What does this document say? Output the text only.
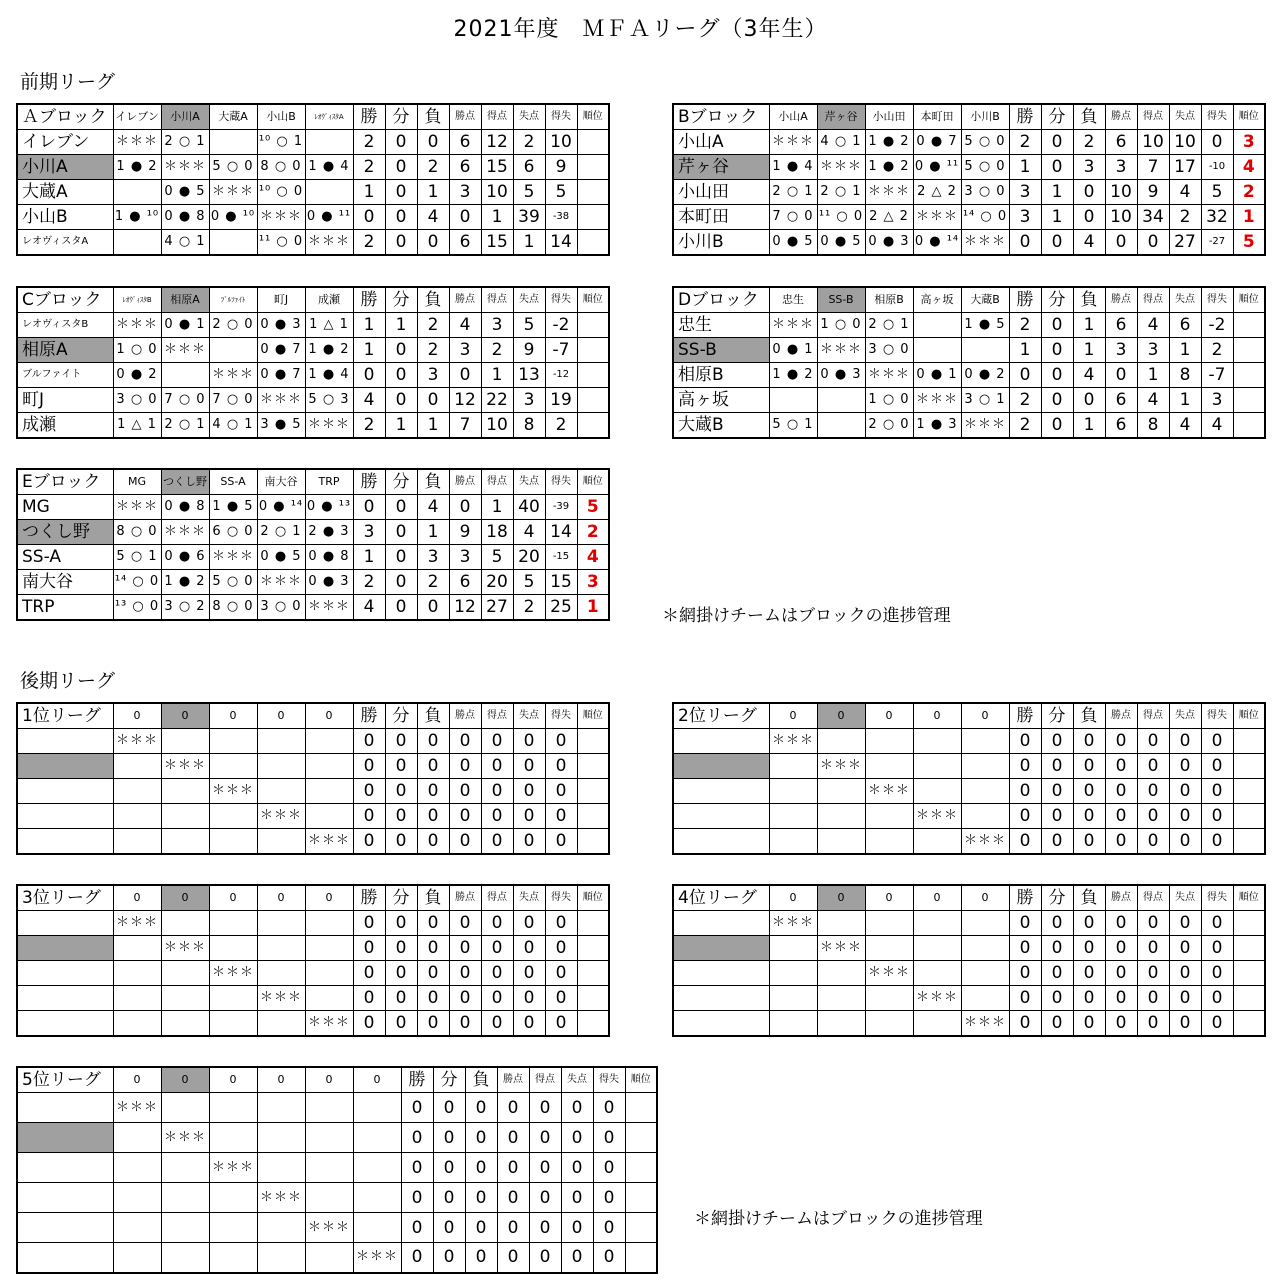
2021年度　ＭＦＡリーグ（3年生）
前期リーグ
後期リーグ
＊網掛けチームはブロックの進捗管理
＊網掛けチームはブロックの進捗管理
Ａブロック	イレブン	小川A	大蔵A	小山B	ﾚｵｳﾞｨｽﾀA	勝	分	負	勝点	得点	失点	得失	順位
イレブン	＊＊＊	2 ○ 1		¹⁰ ○ 1		2	0	0	6	12	2	10	
小川A	1 ● 2	＊＊＊	5 ○ 0	8 ○ 0	1 ● 4	2	0	2	6	15	6	9	
大蔵A		0 ● 5	＊＊＊	¹⁰ ○ 0		1	0	1	3	10	5	5	
小山B	1 ● ¹⁰	0 ● 8	0 ● ¹⁰	＊＊＊	0 ● ¹¹	0	0	4	0	1	39	-38	
レオヴィスタA		4 ○ 1		¹¹ ○ 0	＊＊＊	2	0	0	6	15	1	14	
Bブロック	小山A	芹ヶ谷	小山田	本町田	小川B	勝	分	負	勝点	得点	失点	得失	順位
小山A	＊＊＊	4 ○ 1	1 ● 2	0 ● 7	5 ○ 0	2	0	2	6	10	10	0	3
芹ヶ谷	1 ● 4	＊＊＊	1 ● 2	0 ● ¹¹	5 ○ 0	1	0	3	3	7	17	-10	4
小山田	2 ○ 1	2 ○ 1	＊＊＊	2 △ 2	3 ○ 0	3	1	0	10	9	4	5	2
本町田	7 ○ 0	¹¹ ○ 0	2 △ 2	＊＊＊	¹⁴ ○ 0	3	1	0	10	34	2	32	1
小川B	0 ● 5	0 ● 5	0 ● 3	0 ● ¹⁴	＊＊＊	0	0	4	0	0	27	-27	5
Cブロック	ﾚｵｳﾞｨｽﾀB	相原A	ﾌﾞﾙﾌｧｲﾄ	町J	成瀬	勝	分	負	勝点	得点	失点	得失	順位
レオヴィスタB	＊＊＊	0 ● 1	2 ○ 0	0 ● 3	1 △ 1	1	1	2	4	3	5	-2	
相原A	1 ○ 0	＊＊＊		0 ● 7	1 ● 2	1	0	2	3	2	9	-7	
ブルファイト	0 ● 2		＊＊＊	0 ● 7	1 ● 4	0	0	3	0	1	13	-12	
町J	3 ○ 0	7 ○ 0	7 ○ 0	＊＊＊	5 ○ 3	4	0	0	12	22	3	19	
成瀬	1 △ 1	2 ○ 1	4 ○ 1	3 ● 5	＊＊＊	2	1	1	7	10	8	2	
Dブロック	忠生	SS-B	相原B	高ヶ坂	大蔵B	勝	分	負	勝点	得点	失点	得失	順位
忠生	＊＊＊	1 ○ 0	2 ○ 1		1 ● 5	2	0	1	6	4	6	-2	
SS-B	0 ● 1	＊＊＊	3 ○ 0			1	0	1	3	3	1	2	
相原B	1 ● 2	0 ● 3	＊＊＊	0 ● 1	0 ● 2	0	0	4	0	1	8	-7	
高ヶ坂			1 ○ 0	＊＊＊	3 ○ 1	2	0	0	6	4	1	3	
大蔵B	5 ○ 1		2 ○ 0	1 ● 3	＊＊＊	2	0	1	6	8	4	4	
Eブロック	MG	つくし野	SS-A	南大谷	TRP	勝	分	負	勝点	得点	失点	得失	順位
MG	＊＊＊	0 ● 8	1 ● 5	0 ● ¹⁴	0 ● ¹³	0	0	4	0	1	40	-39	5
つくし野	8 ○ 0	＊＊＊	6 ○ 0	2 ○ 1	2 ● 3	3	0	1	9	18	4	14	2
SS-A	5 ○ 1	0 ● 6	＊＊＊	0 ● 5	0 ● 8	1	0	3	3	5	20	-15	4
南大谷	¹⁴ ○ 0	1 ● 2	5 ○ 0	＊＊＊	0 ● 3	2	0	2	6	20	5	15	3
TRP	¹³ ○ 0	3 ○ 2	8 ○ 0	3 ○ 0	＊＊＊	4	0	0	12	27	2	25	1
1位リーグ	0	0	0	0	0	勝	分	負	勝点	得点	失点	得失	順位
	＊＊＊					0	0	0	0	0	0	0	
		＊＊＊				0	0	0	0	0	0	0	
			＊＊＊			0	0	0	0	0	0	0	
				＊＊＊		0	0	0	0	0	0	0	
					＊＊＊	0	0	0	0	0	0	0	
2位リーグ	0	0	0	0	0	勝	分	負	勝点	得点	失点	得失	順位
	＊＊＊					0	0	0	0	0	0	0	
		＊＊＊				0	0	0	0	0	0	0	
			＊＊＊			0	0	0	0	0	0	0	
				＊＊＊		0	0	0	0	0	0	0	
					＊＊＊	0	0	0	0	0	0	0	
3位リーグ	0	0	0	0	0	勝	分	負	勝点	得点	失点	得失	順位
	＊＊＊					0	0	0	0	0	0	0	
		＊＊＊				0	0	0	0	0	0	0	
			＊＊＊			0	0	0	0	0	0	0	
				＊＊＊		0	0	0	0	0	0	0	
					＊＊＊	0	0	0	0	0	0	0	
4位リーグ	0	0	0	0	0	勝	分	負	勝点	得点	失点	得失	順位
	＊＊＊					0	0	0	0	0	0	0	
		＊＊＊				0	0	0	0	0	0	0	
			＊＊＊			0	0	0	0	0	0	0	
				＊＊＊		0	0	0	0	0	0	0	
					＊＊＊	0	0	0	0	0	0	0	
5位リーグ	0	0	0	0	0	0	勝	分	負	勝点	得点	失点	得失	順位
	＊＊＊						0	0	0	0	0	0	0	
		＊＊＊					0	0	0	0	0	0	0	
			＊＊＊				0	0	0	0	0	0	0	
				＊＊＊			0	0	0	0	0	0	0	
					＊＊＊		0	0	0	0	0	0	0	
						＊＊＊	0	0	0	0	0	0	0	
